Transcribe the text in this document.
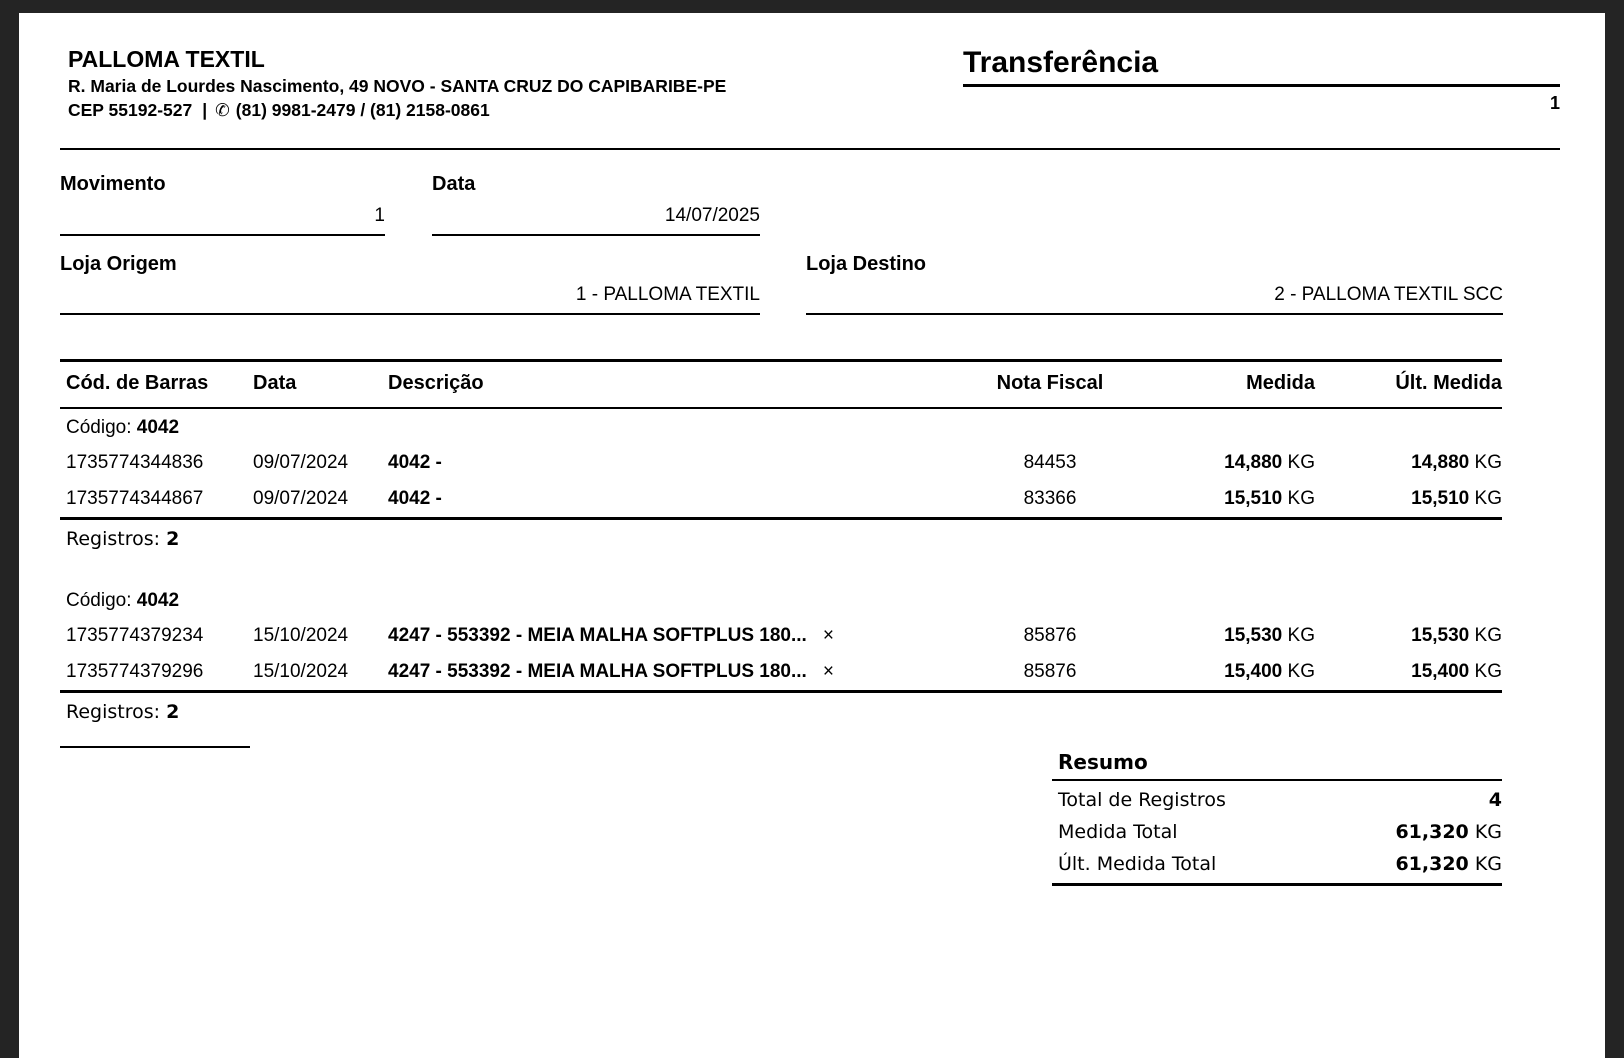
PALLOMA TEXTIL
R. Maria de Lourdes Nascimento, 49 NOVO - SANTA CRUZ DO CAPIBARIBE-PE
CEP 55192-527 | ✆ (81) 9981-2479 / (81) 2158-0861
Transferência
1
Movimento
1
Data
14/07/2025
Loja Origem
1 - PALLOMA TEXTIL
Loja Destino
2 - PALLOMA TEXTIL SCC
Cód. de Barras	Data	Descrição	Nota Fiscal	Medida	Últ. Medida
Código: 4042
1735774344836	09/07/2024	4042 -	84453	14,880 KG	14,880 KG
1735774344867	09/07/2024	4042 -	83366	15,510 KG	15,510 KG
Registros: 2
Código: 4042
1735774379234	15/10/2024	4247 - 553392 - MEIA MALHA SOFTPLUS 180... ×	85876	15,530 KG	15,530 KG
1735774379296	15/10/2024	4247 - 553392 - MEIA MALHA SOFTPLUS 180... ×	85876	15,400 KG	15,400 KG
Registros: 2
Resumo
Total de Registros	4
Medida Total	61,320 KG
Últ. Medida Total	61,320 KG
